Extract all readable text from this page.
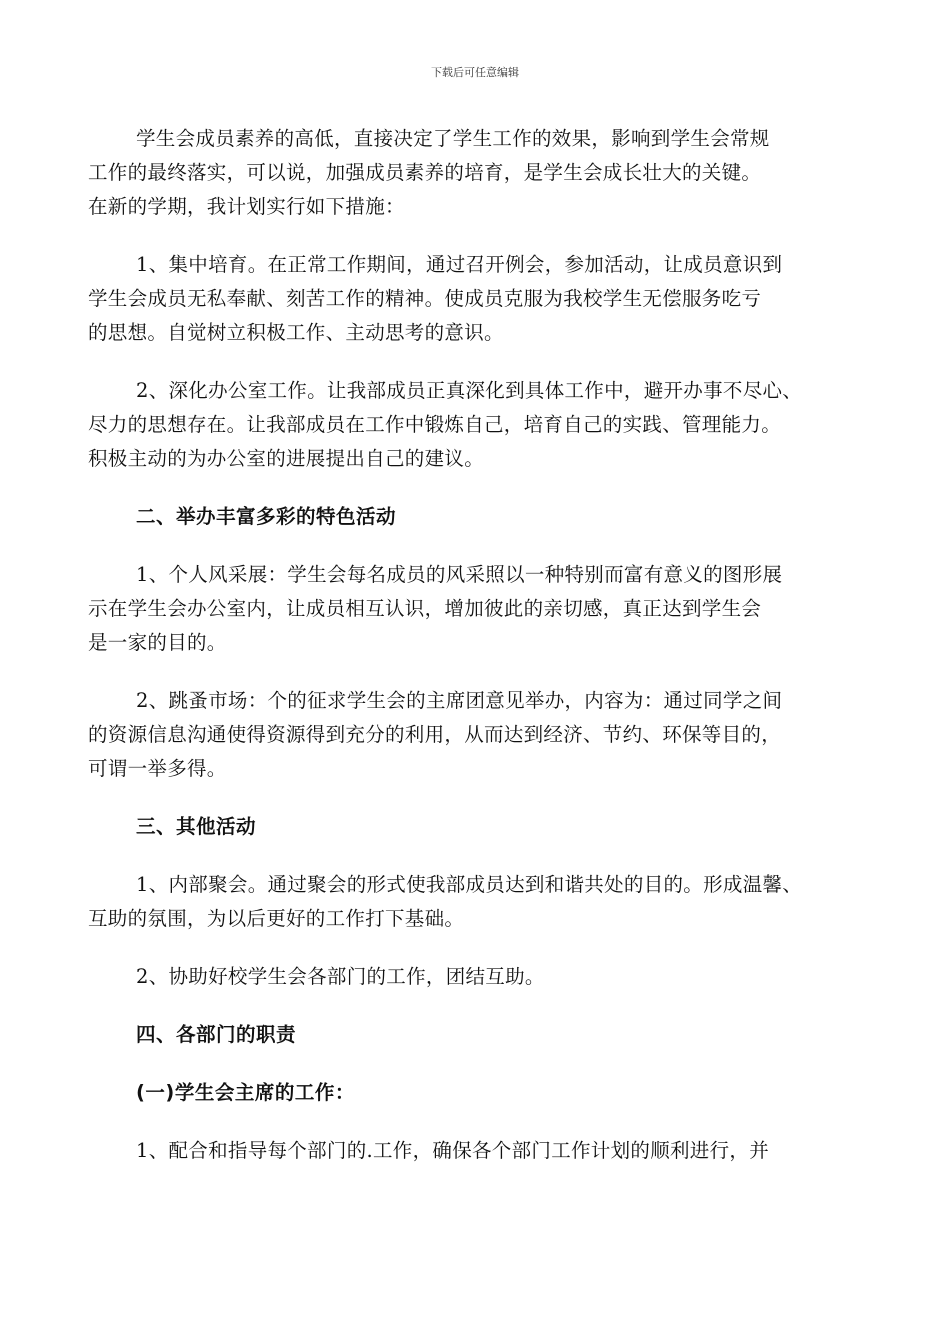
下载后可任意编辑
学生会成员素养的高低，直接决定了学生工作的效果，影响到学生会常规
工作的最终落实，可以说，加强成员素养的培育，是学生会成长壮大的关键。
在新的学期，我计划实行如下措施：
1、集中培育。在正常工作期间，通过召开例会，参加活动，让成员意识到
学生会成员无私奉献、刻苦工作的精神。使成员克服为我校学生无偿服务吃亏
的思想。自觉树立积极工作、主动思考的意识。
2、深化办公室工作。让我部成员正真深化到具体工作中，避开办事不尽心、
尽力的思想存在。让我部成员在工作中锻炼自己，培育自己的实践、管理能力。
积极主动的为办公室的进展提出自己的建议。
二、举办丰富多彩的特色活动
1、个人风采展：学生会每名成员的风采照以一种特别而富有意义的图形展
示在学生会办公室内，让成员相互认识，增加彼此的亲切感，真正达到学生会
是一家的目的。
2、跳蚤市场：个的征求学生会的主席团意见举办，内容为：通过同学之间
的资源信息沟通使得资源得到充分的利用，从而达到经济、节约、环保等目的，
可谓一举多得。
三、其他活动
1、内部聚会。通过聚会的形式使我部成员达到和谐共处的目的。形成温馨、
互助的氛围，为以后更好的工作打下基础。
2、协助好校学生会各部门的工作，团结互助。
四、各部门的职责
(一)学生会主席的工作：
1、配合和指导每个部门的.工作，确保各个部门工作计划的顺利进行，并
